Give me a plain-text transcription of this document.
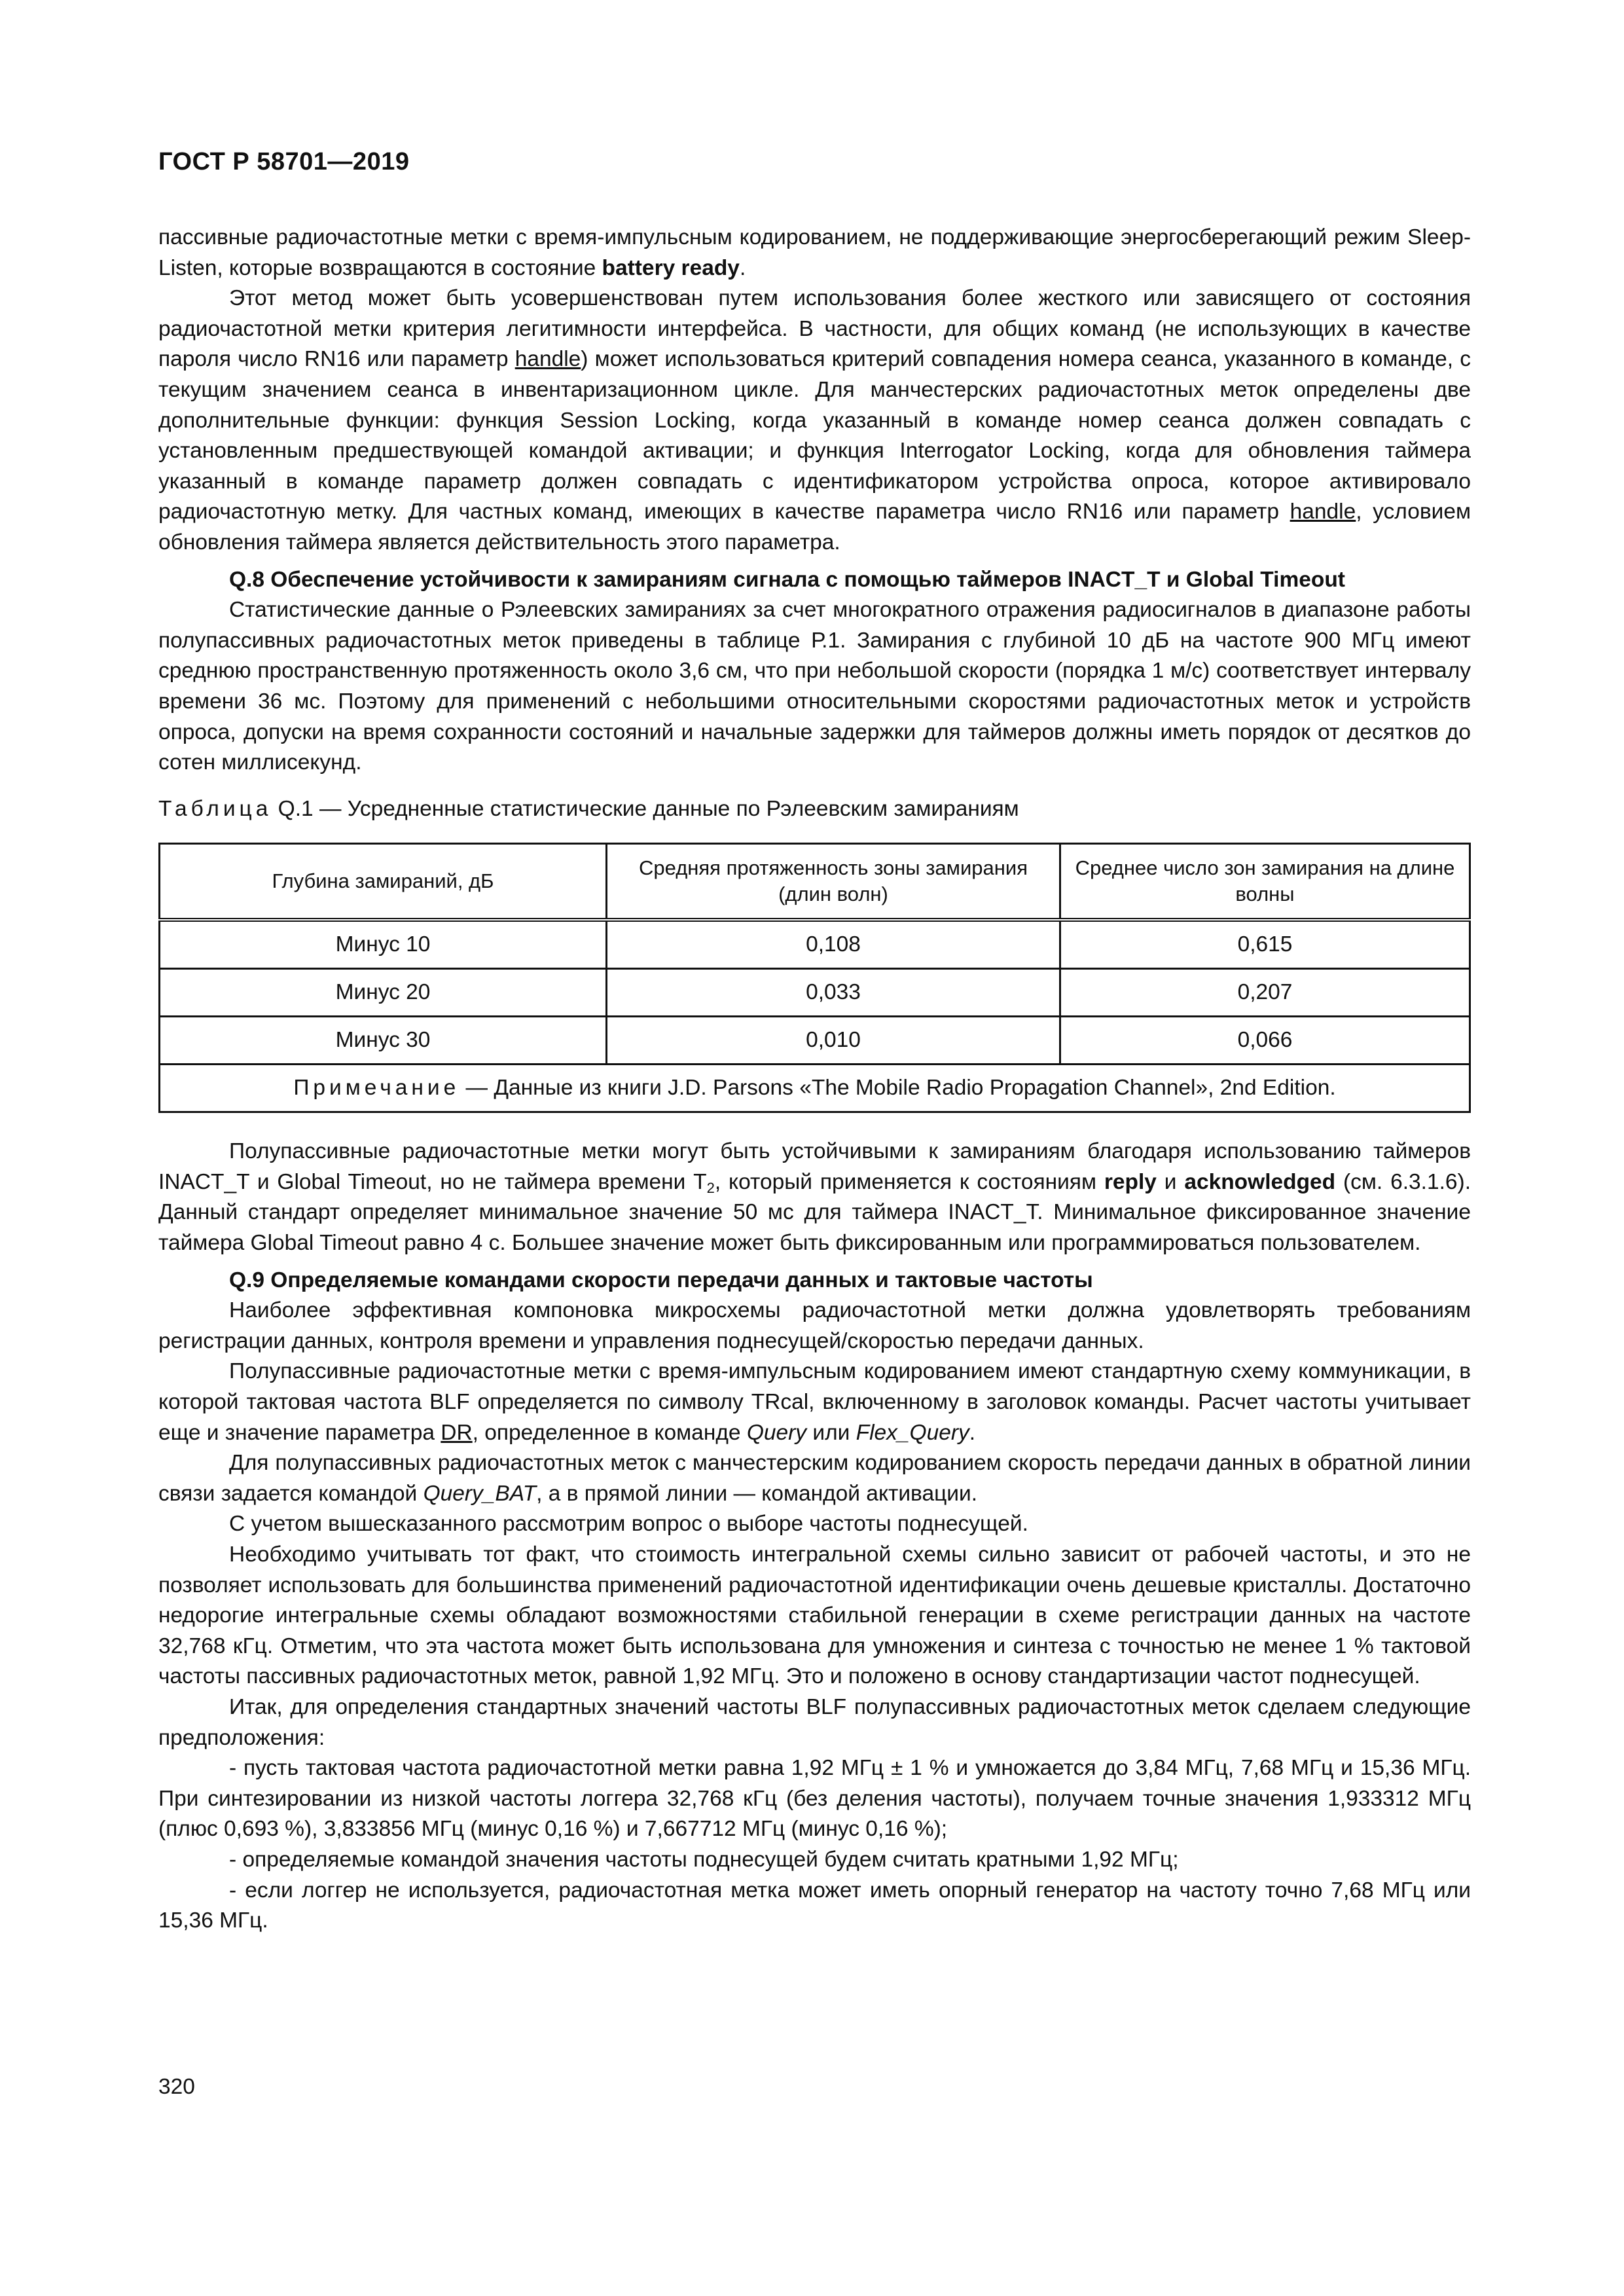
ГОСТ Р 58701—2019

пассивные радиочастотные метки с время-импульсным кодированием, не поддерживающие энергосберегающий режим Sleep-Listen, которые возвращаются в состояние battery ready.

Этот метод может быть усовершенствован путем использования более жесткого или зависящего от состояния радиочастотной метки критерия легитимности интерфейса. В частности, для общих команд (не использующих в качестве пароля число RN16 или параметр handle) может использоваться критерий совпадения номера сеанса, указанного в команде, с текущим значением сеанса в инвентаризационном цикле. Для манчестерских радиочастотных меток определены две дополнительные функции: функция Session Locking, когда указанный в команде номер сеанса должен совпадать с установленным предшествующей командой активации; и функция Interrogator Locking, когда для обновления таймера указанный в команде параметр должен совпадать с идентификатором устройства опроса, которое активировало радиочастотную метку. Для частных команд, имеющих в качестве параметра число RN16 или параметр handle, условием обновления таймера является действительность этого параметра.

Q.8 Обеспечение устойчивости к замираниям сигнала с помощью таймеров INACT_T и Global Timeout

Статистические данные о Рэлеевских замираниях за счет многократного отражения радиосигналов в диапазоне работы полупассивных радиочастотных меток приведены в таблице Р.1. Замирания с глубиной 10 дБ на частоте 900 МГц имеют среднюю пространственную протяженность около 3,6 см, что при небольшой скорости (порядка 1 м/с) соответствует интервалу времени 36 мс. Поэтому для применений с небольшими относительными скоростями радиочастотных меток и устройств опроса, допуски на время сохранности состояний и начальные задержки для таймеров должны иметь порядок от десятков до сотен миллисекунд.

Таблица Q.1 — Усредненные статистические данные по Рэлеевским замираниям

Глубина замираний, дБ	Средняя протяженность зоны замирания (длин волн)	Среднее число зон замирания на длине волны
Минус 10	0,108	0,615
Минус 20	0,033	0,207
Минус 30	0,010	0,066
Примечание — Данные из книги J.D. Parsons «The Mobile Radio Propagation Channel», 2nd Edition.		

Полупассивные радиочастотные метки могут быть устойчивыми к замираниям благодаря использованию таймеров INACT_T и Global Timeout, но не таймера времени $T_2$, который применяется к состояниям reply и acknowledged (см. 6.3.1.6). Данный стандарт определяет минимальное значение 50 мс для таймера INACT_T. Минимальное фиксированное значение таймера Global Timeout равно 4 с. Большее значение может быть фиксированным или программироваться пользователем.

Q.9 Определяемые командами скорости передачи данных и тактовые частоты

Наиболее эффективная компоновка микросхемы радиочастотной метки должна удовлетворять требованиям регистрации данных, контроля времени и управления поднесущей/скоростью передачи данных.

Полупассивные радиочастотные метки с время-импульсным кодированием имеют стандартную схему коммуникации, в которой тактовая частота BLF определяется по символу TRcal, включенному в заголовок команды. Расчет частоты учитывает еще и значение параметра DR, определенное в команде Query или Flex_Query.

Для полупассивных радиочастотных меток с манчестерским кодированием скорость передачи данных в обратной линии связи задается командой Query_BAT, а в прямой линии — командой активации.

С учетом вышесказанного рассмотрим вопрос о выборе частоты поднесущей.

Необходимо учитывать тот факт, что стоимость интегральной схемы сильно зависит от рабочей частоты, и это не позволяет использовать для большинства применений радиочастотной идентификации очень дешевые кристаллы. Достаточно недорогие интегральные схемы обладают возможностями стабильной генерации в схеме регистрации данных на частоте 32,768 кГц. Отметим, что эта частота может быть использована для умножения и синтеза с точностью не менее 1 % тактовой частоты пассивных радиочастотных меток, равной 1,92 МГц. Это и положено в основу стандартизации частот поднесущей.

Итак, для определения стандартных значений частоты BLF полупассивных радиочастотных меток сделаем следующие предположения:

- пусть тактовая частота радиочастотной метки равна 1,92 МГц ± 1 % и умножается до 3,84 МГц, 7,68 МГц и 15,36 МГц. При синтезировании из низкой частоты логгера 32,768 кГц (без деления частоты), получаем точные значения 1,933312 МГц (плюс 0,693 %), 3,833856 МГц (минус 0,16 %) и 7,667712 МГц (минус 0,16 %);

- определяемые командой значения частоты поднесущей будем считать кратными 1,92 МГц;

- если логгер не используется, радиочастотная метка может иметь опорный генератор на частоту точно 7,68 МГц или 15,36 МГц.

320
